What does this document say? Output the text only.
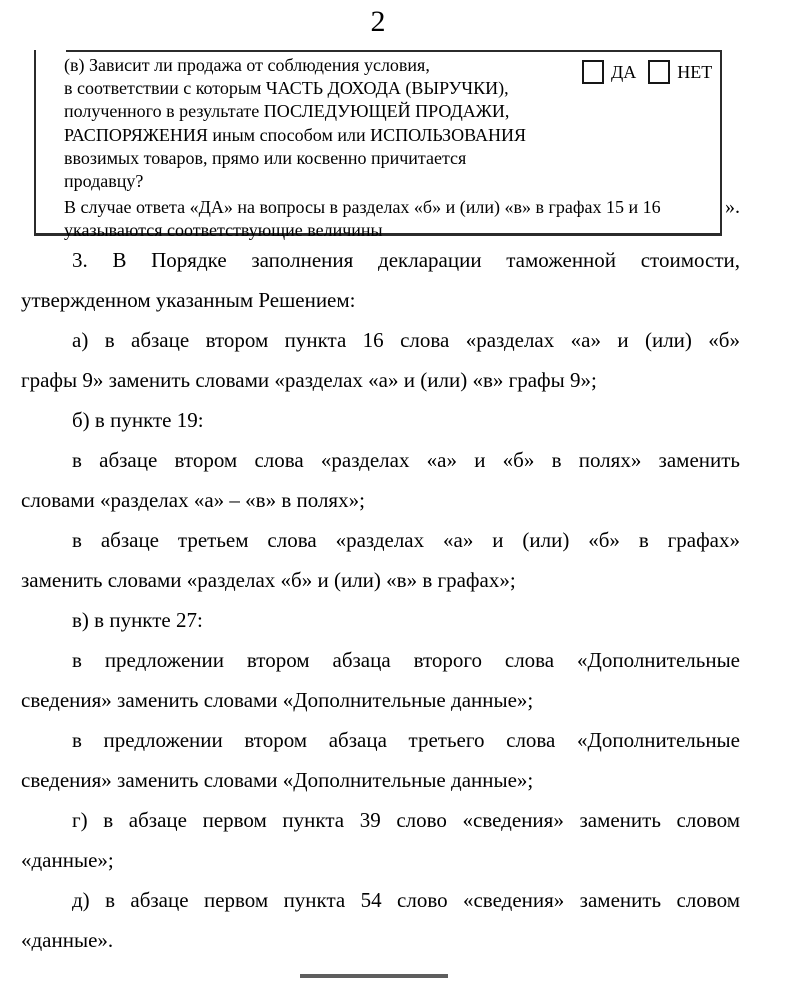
2
(в) Зависит ли продажа от соблюдения условия,
в соответствии с которым ЧАСТЬ ДОХОДА (ВЫРУЧКИ),
полученного в результате ПОСЛЕДУЮЩЕЙ ПРОДАЖИ,
РАСПОРЯЖЕНИЯ иным способом или ИСПОЛЬЗОВАНИЯ
ввозимых товаров, прямо или косвенно причитается
продавцу?
ДА НЕТ
В случае ответа «ДА» на вопросы в разделах «б» и (или) «в» в графах 15 и 16
указываются соответствующие величины
».
3. В Порядке заполнения декларации таможенной стоимости,
утвержденном указанным Решением:
а) в абзаце втором пункта 16 слова «разделах «а» и (или) «б»
графы 9» заменить словами «разделах «а» и (или) «в» графы 9»;
б) в пункте 19:
в абзаце втором слова «разделах «а» и «б» в полях» заменить
словами «разделах «а» – «в» в полях»;
в абзаце третьем слова «разделах «а» и (или) «б» в графах»
заменить словами «разделах «б» и (или) «в» в графах»;
в) в пункте 27:
в предложении втором абзаца второго слова «Дополнительные
сведения» заменить словами «Дополнительные данные»;
в предложении втором абзаца третьего слова «Дополнительные
сведения» заменить словами «Дополнительные данные»;
г) в абзаце первом пункта 39 слово «сведения» заменить словом
«данные»;
д) в абзаце первом пункта 54 слово «сведения» заменить словом
«данные».
